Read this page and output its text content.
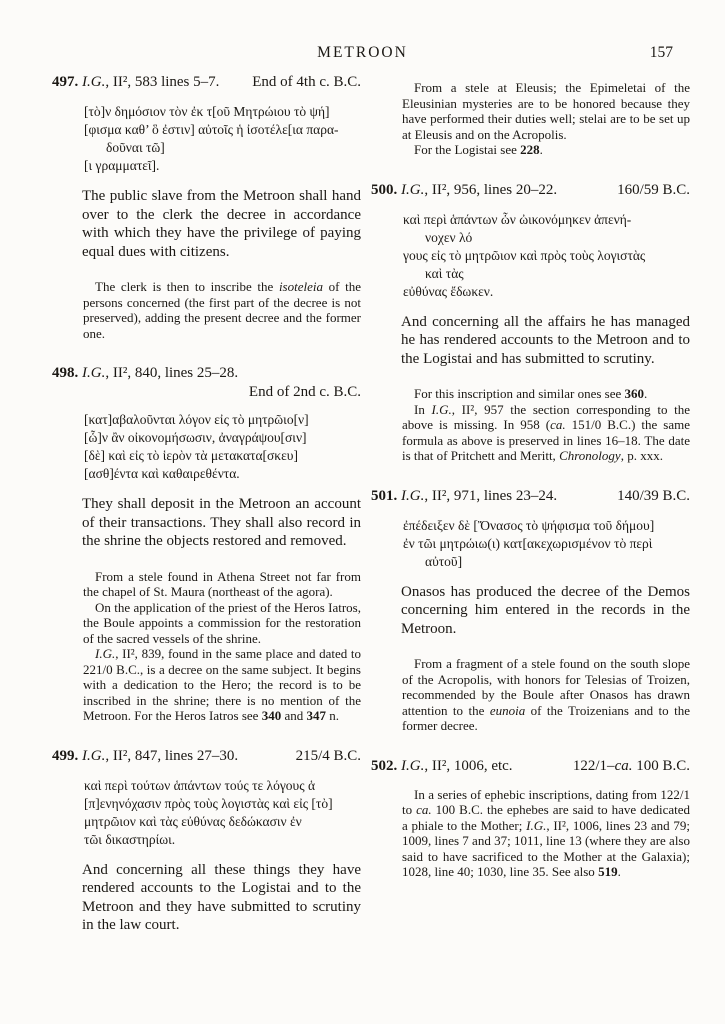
METROON	157
497. I.G., II², 583 lines 5–7. End of 4th c. B.C.
[τὸ]ν δημόσιον τὸν ἐκ τ[οῦ Μητρώιου τὸ ψή]
[φισμα καθ’ ὃ ἐστιν] αὐτοῖς ἡ ἰσοτέλε[ια παρα-
δοῦναι τῶ]
[ι γραμματεῖ].

The public slave from the Metroon shall hand over to the clerk the decree in accordance with which they have the privilege of paying equal dues with citizens.

The clerk is then to inscribe the isoteleia of the persons concerned (the first part of the decree is not preserved), adding the present decree and the former one.

498. I.G., II², 840, lines 25–28.
End of 2nd c. B.C.
[κατ]αβαλοῦνται λόγον εἰς τὸ μητρῶιο[ν]
[ὧ]ν ἂν οἰκονομήσωσιν, ἀναγράψου[σιν]
[δὲ] καὶ εἰς τὸ ἱερὸν τὰ μετακατα[σκευ]
[ασθ]έντα καὶ καθαιρεθέντα.

They shall deposit in the Metroon an account of their transactions. They shall also record in the shrine the objects restored and removed.

From a stele found in Athena Street not far from the chapel of St. Maura (northeast of the agora).

On the application of the priest of the Heros Iatros, the Boule appoints a commission for the restoration of the sacred vessels of the shrine.

I.G., II², 839, found in the same place and dated to 221/0 B.C., is a decree on the same subject. It begins with a dedication to the Hero; the record is to be inscribed in the shrine; there is no mention of the Metroon. For the Heros Iatros see 340 and 347 n.

499. I.G., II², 847, lines 27–30.	215/4 B.C.
καὶ περὶ τούτων ἁπάντων τούς τε λόγους ἁ
[π]ενηνόχασιν πρὸς τοὺς λογιστὰς καὶ εἰς [τὸ]
μητρῶιον καὶ τὰς εὐθύνας δεδώκασιν ἐν
τῶι δικαστηρίωι.

And concerning all these things they have rendered accounts to the Logistai and to the Metroon and they have submitted to scrutiny in the law court.

From a stele at Eleusis; the Epimeletai of the Eleusinian mysteries are to be honored because they have performed their duties well; stelai are to be set up at Eleusis and on the Acropolis.

For the Logistai see 228.

500. I.G., II², 956, lines 20–22.	160/59 B.C.
καὶ περὶ ἁπάντων ὧν ὠικονόμηκεν ἀπενή-
νοχεν λό
γους εἰς τὸ μητρῶιον καὶ πρὸς τοὺς λογιστὰς
καὶ τὰς
εὐθύνας ἔδωκεν.

And concerning all the affairs he has managed he has rendered accounts to the Metroon and to the Logistai and has submitted to scrutiny.

For this inscription and similar ones see 360.

In I.G., II², 957 the section corresponding to the above is missing. In 958 (ca. 151/0 B.C.) the same formula as above is preserved in lines 16–18. The date is that of Pritchett and Meritt, Chronology, p. xxx.

501. I.G., II², 971, lines 23–24.	140/39 B.C.
ἐπέδειξεν δὲ [Ὄνασος τὸ ψήφισμα τοῦ δήμου]
ἐν τῶι μητρώιω(ι) κατ[ακεχωρισμένον τὸ περὶ
αὐτοῦ]

Onasos has produced the decree of the Demos concerning him entered in the records in the Metroon.

From a fragment of a stele found on the south slope of the Acropolis, with honors for Telesias of Troizen, recommended by the Boule after Onasos has drawn attention to the eunoia of the Troizenians and to the former decree.

502. I.G., II², 1006, etc.	122/1–ca. 100 B.C.

In a series of ephebic inscriptions, dating from 122/1 to ca. 100 B.C. the ephebes are said to have dedicated a phiale to the Mother; I.G., II², 1006, lines 23 and 79; 1009, lines 7 and 37; 1011, line 13 (where they are also said to have sacrificed to the Mother at the Galaxia); 1028, line 40; 1030, line 35. See also 519.
